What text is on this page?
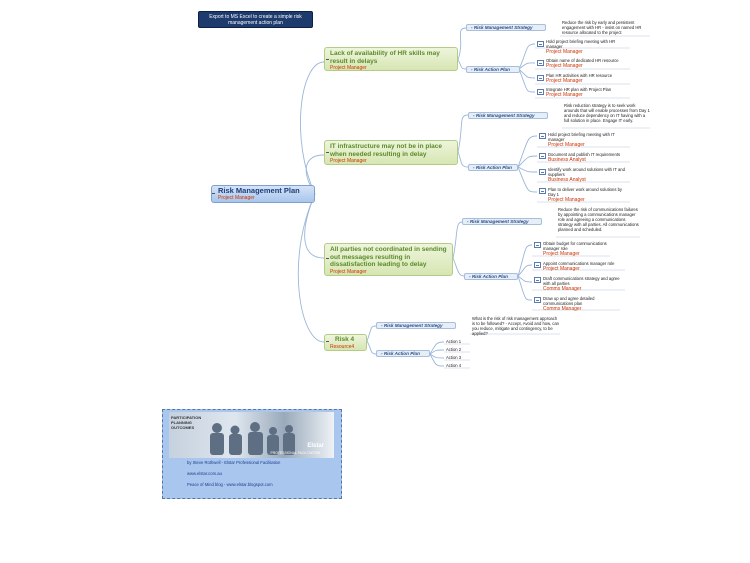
Export to MS Excel to create a simple risk management action plan
Risk Management Plan
Project Manager
Lack of availability of HR skills may result in delays
Project Manager
- Risk Management Strategy
Reduce the risk by early and persistent engagement with HR - insist on named HR resource allocated to the project
- Risk Action Plan
Hold project briefing meeting with HR manager
Project Manager
Obtain name of dedicated HR resource
Project Manager
Plan HR activities with HR resource
Project Manager
Integrate HR plan with Project Plan
Project Manager
IT infrastructure may not be in place when needed resulting in delay
Project Manager
- Risk Management Strategy
Risk reduction strategy is to seek work arounds that will enable processes from Day 1 and reduce dependency on IT having with a full solution in place. Engage IT early.
- Risk Action Plan
Hold project briefing meeting with IT manager
Project Manager
Document and publish IT requirements
Business Analyst
Identify work around solutions with IT and suppliers
Business Analyst
Plan to deliver work around solutions by Day 1
Project Manager
All parties not coordinated in sending out messages resulting in dissatisfaction leading to delay
Project Manager
- Risk Management Strategy
Reduce the risk of communications failures by appointing a communications manager role and agreeing a communications strategy with all parties. All communications planned and scheduled.
- Risk Action Plan
Obtain budget for communications manager role
Project Manager
Appoint communications manager role
Project Manager
Draft communications strategy and agree with all parties
Comms Manager
Draw up and agree detailed communications plan
Comms Manager
Risk 4
Resource4
- Risk Management Strategy
What is the risk of risk management approach is to be followed? - Accept, Avoid and how, can you reduce, mitigate and contingency, to be applied?
- Risk Action Plan
Action 1
Action 2
Action 3
Action 4
PARTICIPATION PLANNING OUTCOMES
Elstar
PROFESSIONAL FACILITATION
by Steve Rothwell - Elstar Professional Facilitation
www.elstar.com.au
Peace of Mind blog - www.elstar.blogspot.com
